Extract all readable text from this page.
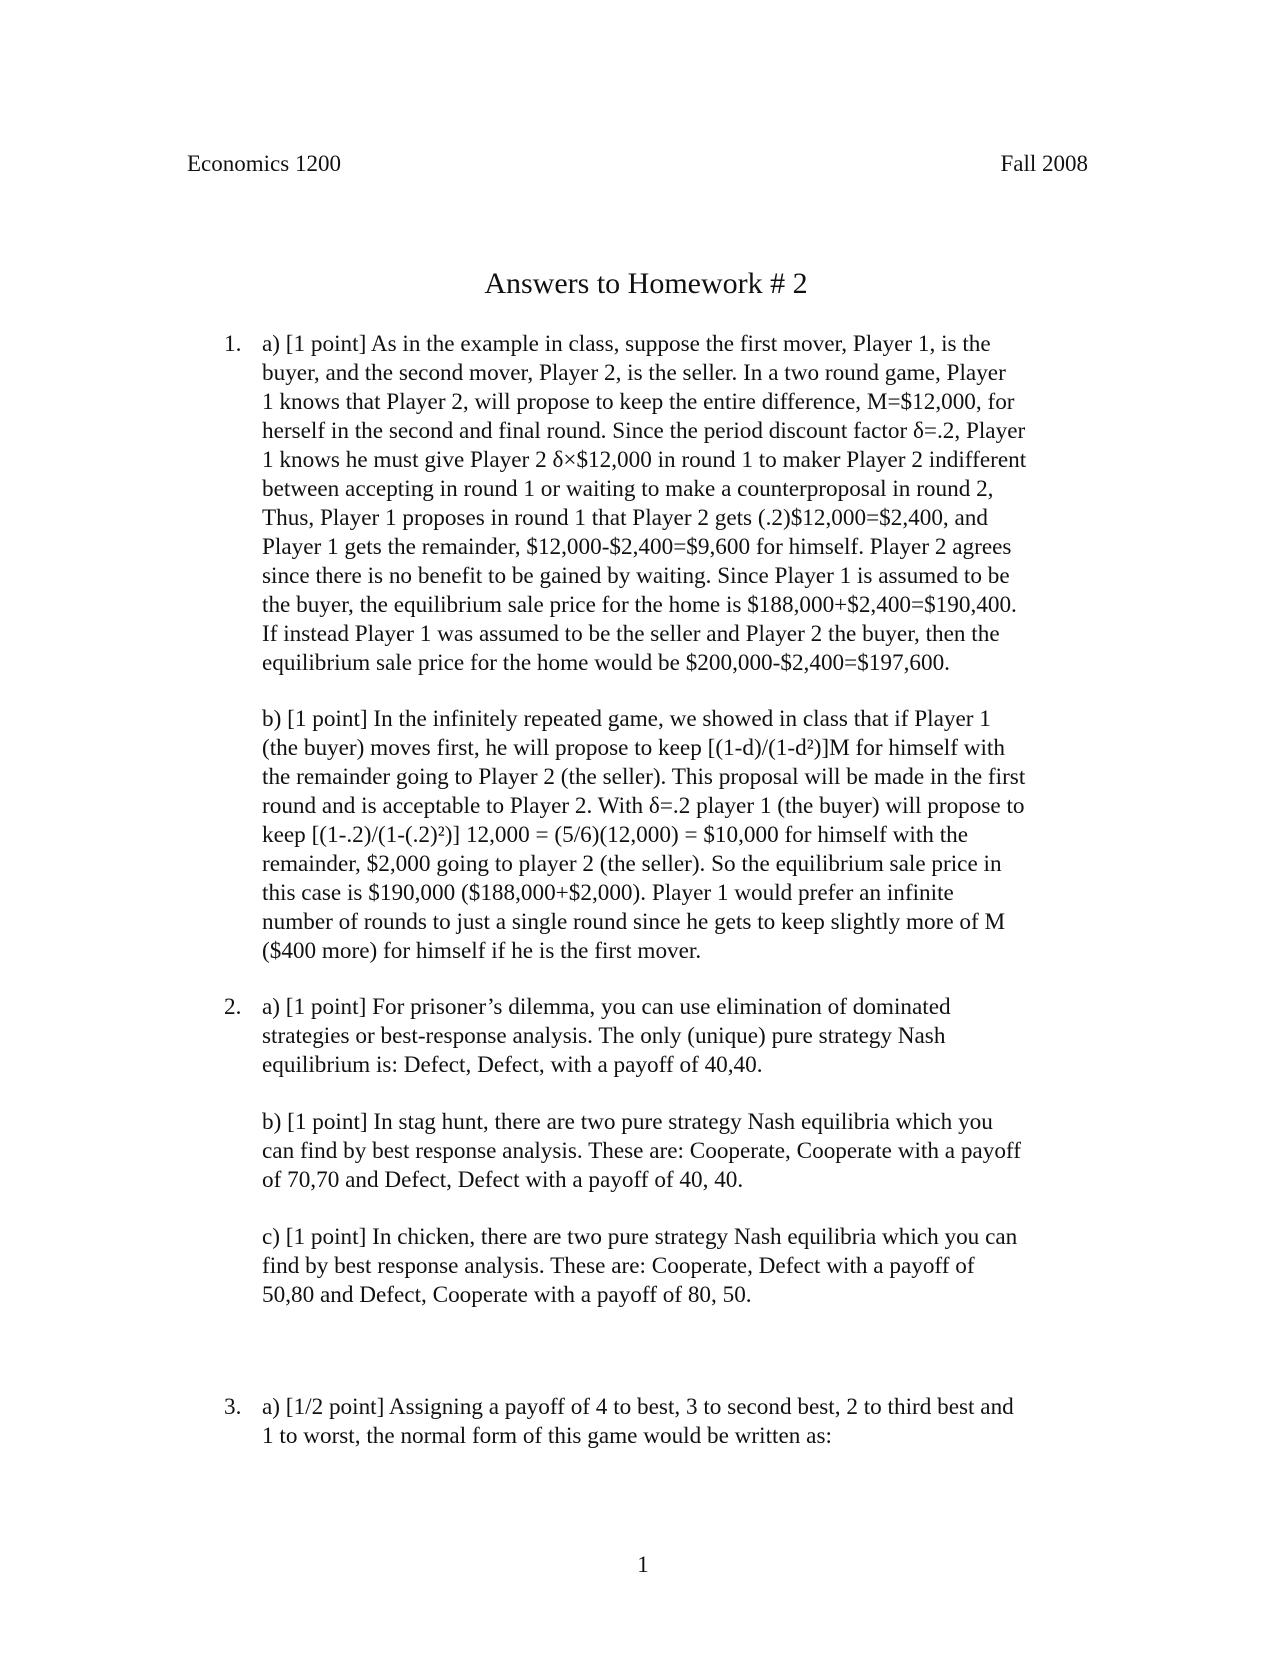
Economics 1200	Fall 2008
Answers to Homework # 2
1. a) [1 point] As in the example in class, suppose the first mover, Player 1, is the
buyer, and the second mover, Player 2, is the seller. In a two round game, Player
1 knows that Player 2, will propose to keep the entire difference, M=$12,000, for
herself in the second and final round. Since the period discount factor δ=.2, Player
1 knows he must give Player 2 δ×$12,000 in round 1 to maker Player 2 indifferent
between accepting in round 1 or waiting to make a counterproposal in round 2,
Thus, Player 1 proposes in round 1 that Player 2 gets (.2)$12,000=$2,400, and
Player 1 gets the remainder, $12,000-$2,400=$9,600 for himself. Player 2 agrees
since there is no benefit to be gained by waiting. Since Player 1 is assumed to be
the buyer, the equilibrium sale price for the home is $188,000+$2,400=$190,400.
If instead Player 1 was assumed to be the seller and Player 2 the buyer, then the
equilibrium sale price for the home would be $200,000-$2,400=$197,600.
b) [1 point] In the infinitely repeated game, we showed in class that if Player 1
(the buyer) moves first, he will propose to keep [(1-d)/(1-d²)]M for himself with
the remainder going to Player 2 (the seller). This proposal will be made in the first
round and is acceptable to Player 2. With δ=.2 player 1 (the buyer) will propose to
keep [(1-.2)/(1-(.2)²)] 12,000 = (5/6)(12,000) = $10,000 for himself with the
remainder, $2,000 going to player 2 (the seller). So the equilibrium sale price in
this case is $190,000 ($188,000+$2,000). Player 1 would prefer an infinite
number of rounds to just a single round since he gets to keep slightly more of M
($400 more) for himself if he is the first mover.
2. a) [1 point] For prisoner’s dilemma, you can use elimination of dominated
strategies or best-response analysis. The only (unique) pure strategy Nash
equilibrium is: Defect, Defect, with a payoff of 40,40.
b) [1 point] In stag hunt, there are two pure strategy Nash equilibria which you
can find by best response analysis. These are: Cooperate, Cooperate with a payoff
of 70,70 and Defect, Defect with a payoff of 40, 40.
c) [1 point] In chicken, there are two pure strategy Nash equilibria which you can
find by best response analysis. These are: Cooperate, Defect with a payoff of
50,80 and Defect, Cooperate with a payoff of 80, 50.
3. a) [1/2 point] Assigning a payoff of 4 to best, 3 to second best, 2 to third best and
1 to worst, the normal form of this game would be written as:
1
